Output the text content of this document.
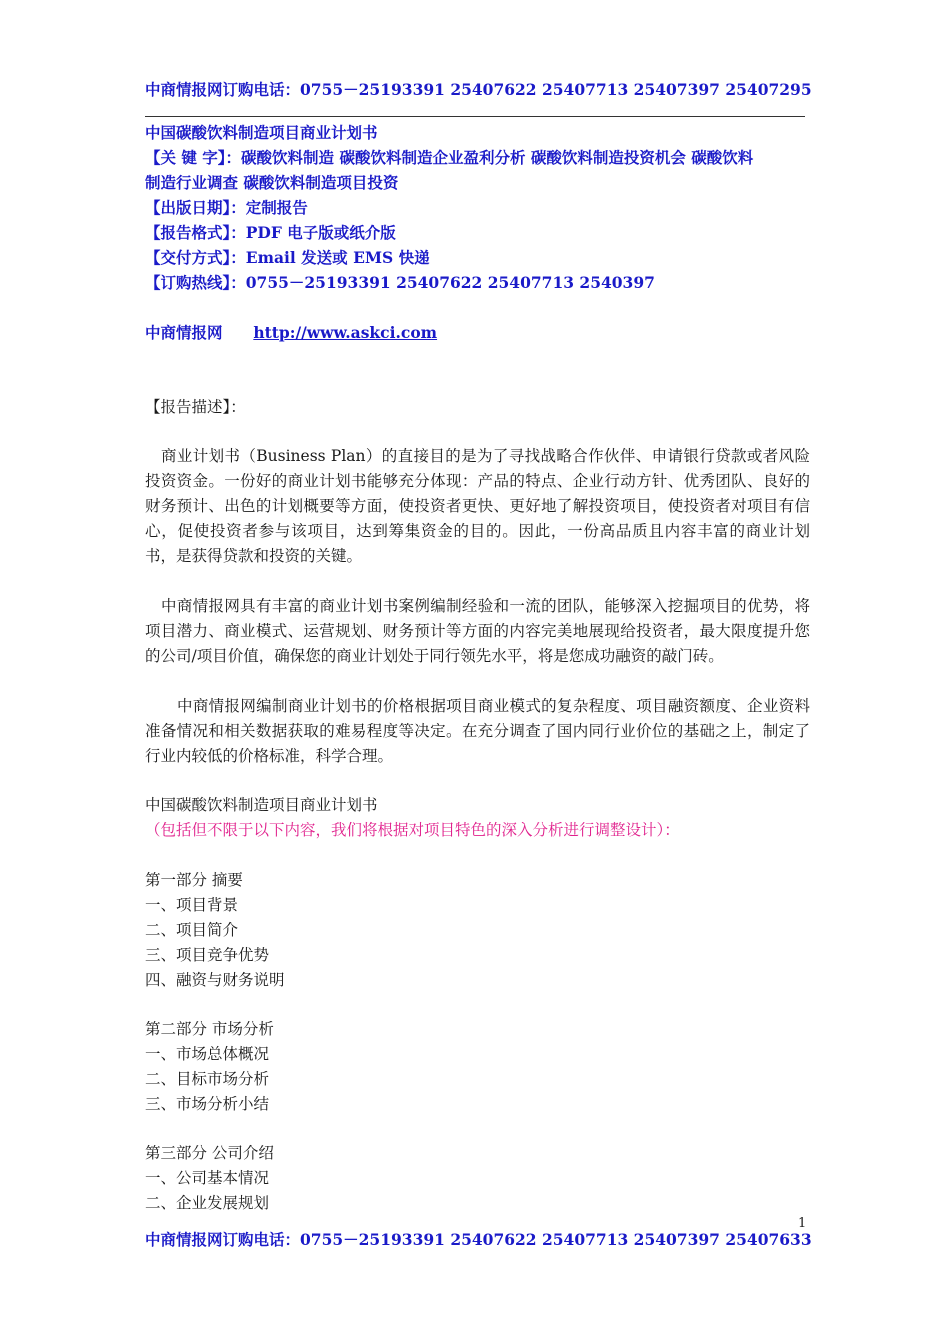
中商情报网订购电话：0755－25193391 25407622 25407713 25407397 25407295
中国碳酸饮料制造项目商业计划书
【关 键 字】：碳酸饮料制造 碳酸饮料制造企业盈利分析 碳酸饮料制造投资机会 碳酸饮料
制造行业调查 碳酸饮料制造项目投资
【出版日期】：定制报告
【报告格式】：PDF 电子版或纸介版
【交付方式】：Email 发送或 EMS 快递
【订购热线】：0755－25193391 25407622 25407713 2540397
中商情报网 http://www.askci.com
【报告描述】：
商业计划书（Business Plan）的直接目的是为了寻找战略合作伙伴、申请银行贷款或者风险投资资金。一份好的商业计划书能够充分体现：产品的特点、企业行动方针、优秀团队、良好的财务预计、出色的计划概要等方面，使投资者更快、更好地了解投资项目，使投资者对项目有信心，促使投资者参与该项目，达到筹集资金的目的。因此，一份高品质且内容丰富的商业计划书，是获得贷款和投资的关键。
中商情报网具有丰富的商业计划书案例编制经验和一流的团队，能够深入挖掘项目的优势，将项目潜力、商业模式、运营规划、财务预计等方面的内容完美地展现给投资者，最大限度提升您的公司/项目价值，确保您的商业计划处于同行领先水平，将是您成功融资的敲门砖。
中商情报网编制商业计划书的价格根据项目商业模式的复杂程度、项目融资额度、企业资料准备情况和相关数据获取的难易程度等决定。在充分调查了国内同行业价位的基础之上，制定了行业内较低的价格标准，科学合理。
中国碳酸饮料制造项目商业计划书
（包括但不限于以下内容，我们将根据对项目特色的深入分析进行调整设计）：
第一部分 摘要
一、项目背景
二、项目简介
三、项目竞争优势
四、融资与财务说明
第二部分 市场分析
一、市场总体概况
二、目标市场分析
三、市场分析小结
第三部分 公司介绍
一、公司基本情况
二、企业发展规划
1
中商情报网订购电话：0755－25193391 25407622 25407713 25407397 25407633
